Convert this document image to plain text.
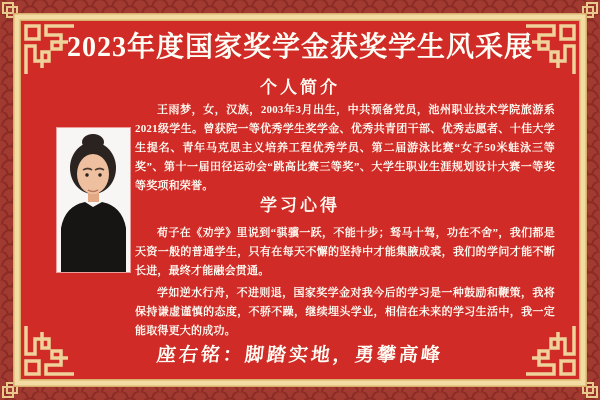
2023年度国家奖学金获奖学生风采展
个人简介

王雨梦，女，汉族，2003年3月出生，中共预备党员，池州职业技术学院旅游系2021级学生。曾获院一等优秀学生奖学金、优秀共青团干部、优秀志愿者、十佳大学生提名、青年马克思主义培养工程优秀学员、第二届游泳比赛“女子50米蛙泳三等奖”、第十一届田径运动会“跳高比赛三等奖”、大学生职业生涯规划设计大赛一等奖等奖项和荣誉。

学习心得

荀子在《劝学》里说到“骐骥一跃，不能十步；驽马十驾，功在不舍”，我们都是天资一般的普通学生，只有在每天不懈的坚持中才能集腋成裘，我们的学问才能不断长进，最终才能融会贯通。

学如逆水行舟，不进则退，国家奖学金对我今后的学习是一种鼓励和鞭策，我将保持谦虚谨慎的态度，不骄不躁，继续埋头学业，相信在未来的学习生活中，我一定能取得更大的成功。

座右铭：脚踏实地，勇攀高峰
